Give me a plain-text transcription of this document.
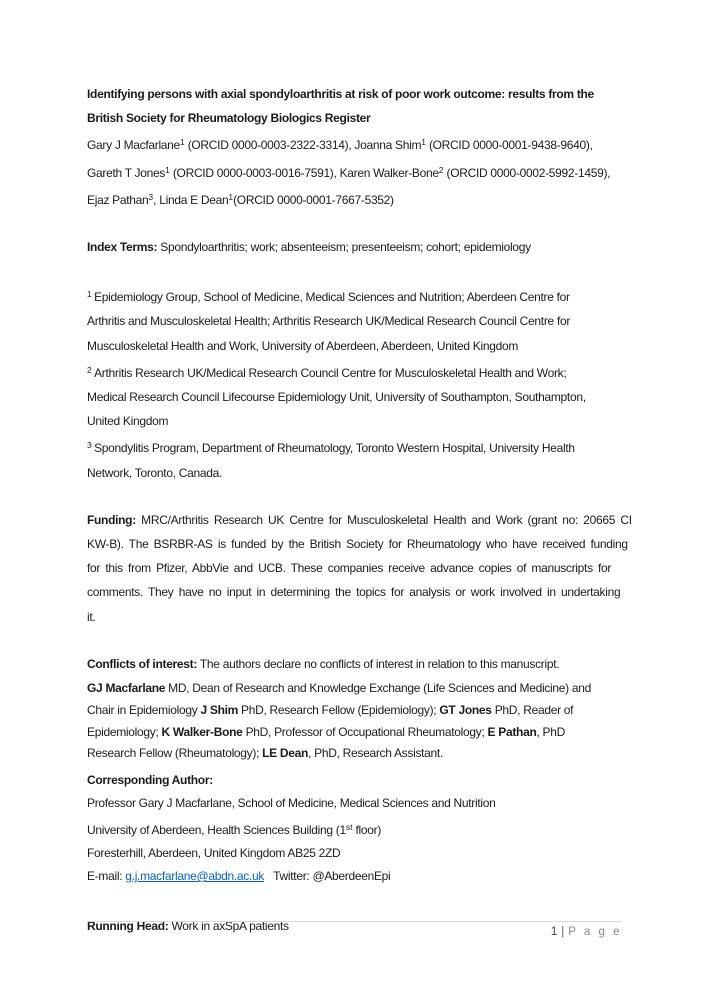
Identifying persons with axial spondyloarthritis at risk of poor work outcome: results from the
British Society for Rheumatology Biologics Register
Gary J Macfarlane$^1$ (ORCID 0000-0003-2322-3314), Joanna Shim$^1$ (ORCID 0000-0001-9438-9640),
Gareth T Jones$^1$ (ORCID 0000-0003-0016-7591), Karen Walker-Bone$^2$ (ORCID 0000-0002-5992-1459),
Ejaz Pathan$^3$, Linda E Dean$^1$(ORCID 0000-0001-7667-5352)
Index Terms: Spondyloarthritis; work; absenteeism; presenteeism; cohort; epidemiology
$^1$ Epidemiology Group, School of Medicine, Medical Sciences and Nutrition; Aberdeen Centre for
Arthritis and Musculoskeletal Health; Arthritis Research UK/Medical Research Council Centre for
Musculoskeletal Health and Work, University of Aberdeen, Aberdeen, United Kingdom
$^2$ Arthritis Research UK/Medical Research Council Centre for Musculoskeletal Health and Work;
Medical Research Council Lifecourse Epidemiology Unit, University of Southampton, Southampton,
United Kingdom
$^3$ Spondylitis Program, Department of Rheumatology, Toronto Western Hospital, University Health
Network, Toronto, Canada.
Funding: MRC/Arthritis Research UK Centre for Musculoskeletal Health and Work (grant no: 20665 CI
KW-B). The BSRBR-AS is funded by the British Society for Rheumatology who have received funding
for this from Pfizer, AbbVie and UCB. These companies receive advance copies of manuscripts for
comments. They have no input in determining the topics for analysis or work involved in undertaking
it.
Conflicts of interest: The authors declare no conflicts of interest in relation to this manuscript.
GJ Macfarlane MD, Dean of Research and Knowledge Exchange (Life Sciences and Medicine) and
Chair in Epidemiology J Shim PhD, Research Fellow (Epidemiology); GT Jones PhD, Reader of
Epidemiology; K Walker-Bone PhD, Professor of Occupational Rheumatology; E Pathan, PhD
Research Fellow (Rheumatology); LE Dean, PhD, Research Assistant.
Corresponding Author:
Professor Gary J Macfarlane, School of Medicine, Medical Sciences and Nutrition
University of Aberdeen, Health Sciences Building (1st floor)
Foresterhill, Aberdeen, United Kingdom AB25 2ZD
E-mail: g.j.macfarlane@abdn.ac.uk   Twitter: @AberdeenEpi
Running Head: Work in axSpA patients	1 | P a g e
